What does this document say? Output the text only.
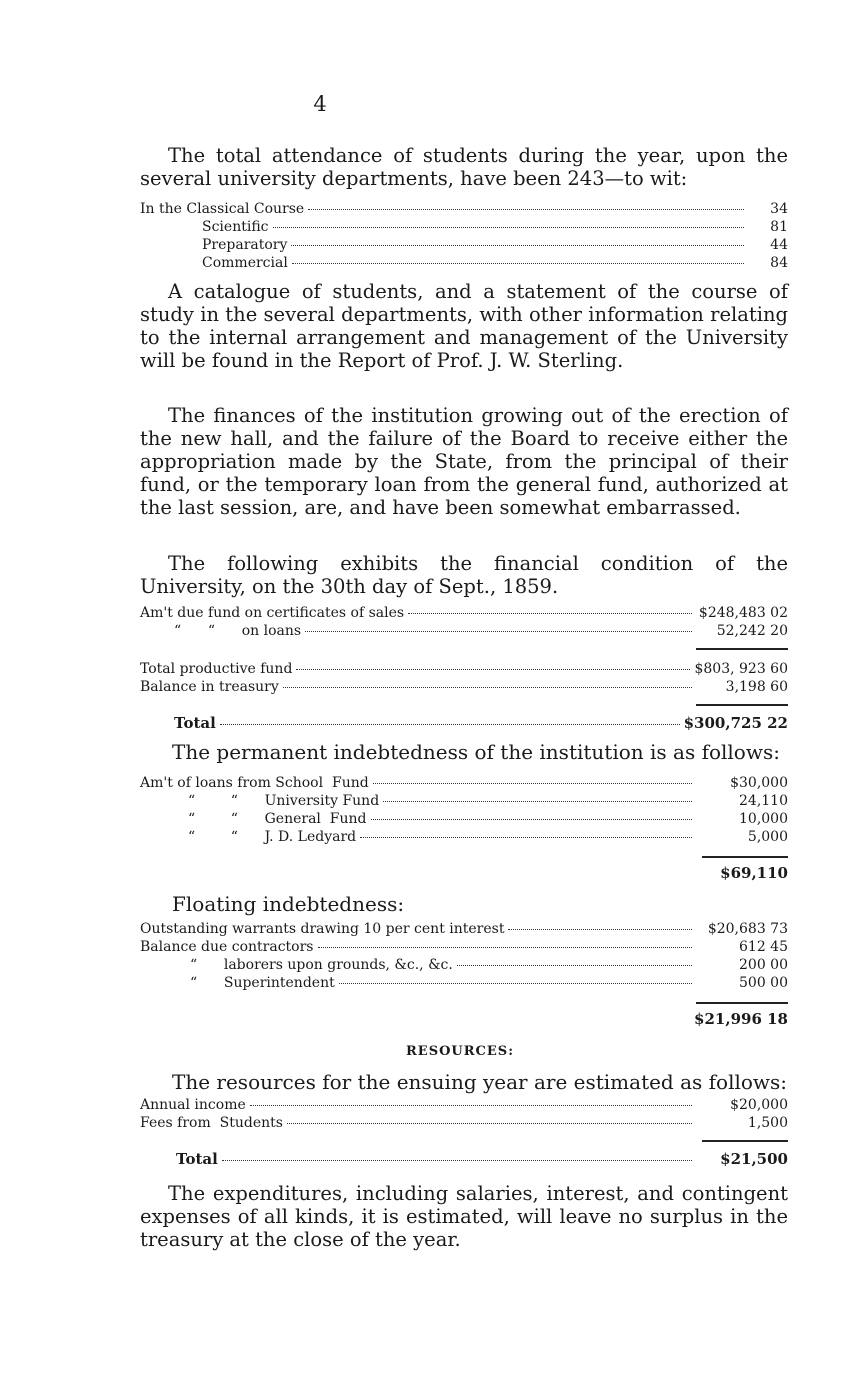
4

The total attendance of students during the year, upon the several university departments, have been 243—to wit:

In the Classical Course	34
Scientific	81
Preparatory	44
Commercial	84

A catalogue of students, and a statement of the course of study in the several departments, with other information relating to the internal arrangement and management of the University will be found in the Report of Prof. J. W. Sterling.

The finances of the institution growing out of the erection of the new hall, and the failure of the Board to receive either the appropriation made by the State, from the principal of their fund, or the temporary loan from the general fund, authorized at the last session, are, and have been somewhat embarrassed.

The following exhibits the financial condition of the University, on the 30th day of Sept., 1859.

Am't due fund on certificates of sales	$248,483 02
“      “      on loans	52,242 20
Total productive fund	$803, 923 60
Balance in treasury	3,198 60
Total	$300,725 22

The permanent indebtedness of the institution is as follows:

Am't of loans from School  Fund	$30,000
“        “      University Fund	24,110
“        “      General  Fund	10,000
“        “      J. D. Ledyard	5,000
$69,110

Floating indebtedness:

Outstanding warrants drawing 10 per cent interest	$20,683 73
Balance due contractors	612 45
“      laborers upon grounds, &c., &c.	200 00
“      Superintendent	500 00
$21,996 18
RESOURCES:

The resources for the ensuing year are estimated as follows:

Annual income	$20,000
Fees from  Students	1,500
Total	$21,500

The expenditures, including salaries, interest, and contingent expenses of all kinds, it is estimated, will leave no surplus in the treasury at the close of the year.
